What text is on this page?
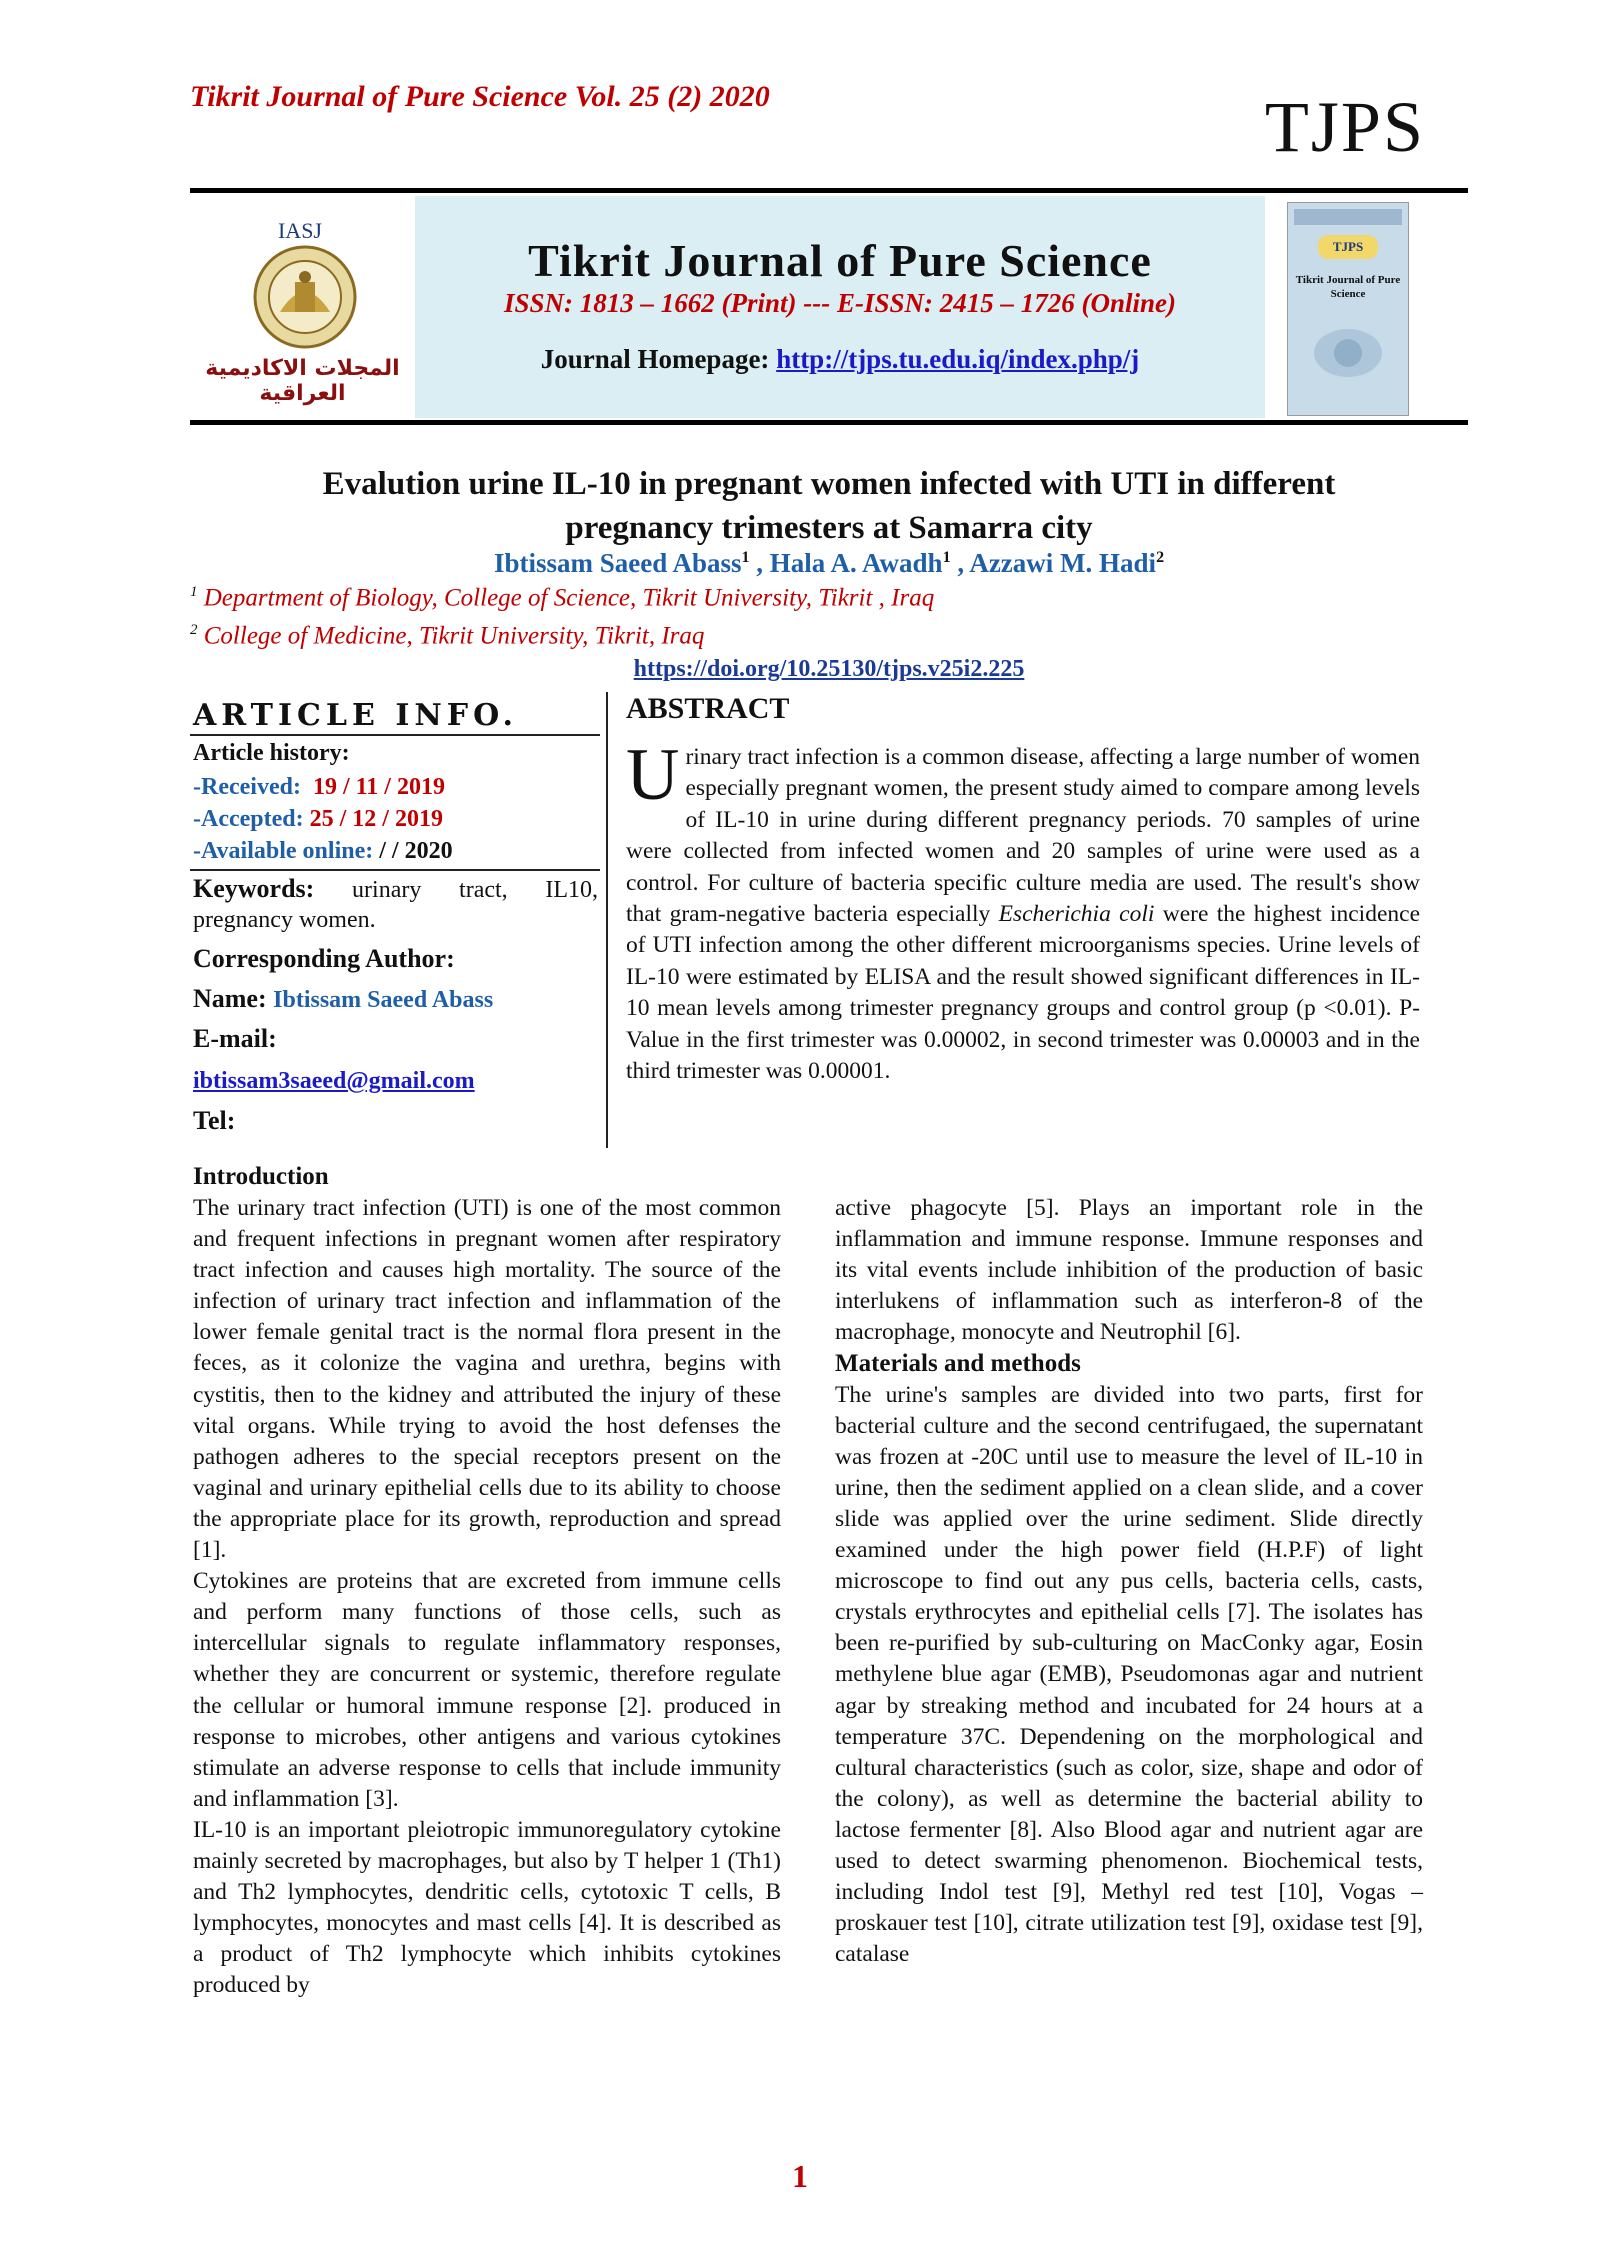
Tikrit Journal of Pure Science Vol. 25 (2) 2020	TJPS
IASJ
المجلات الاكاديمية العراقية
Tikrit Journal of Pure Science
ISSN: 1813 – 1662 (Print) --- E-ISSN: 2415 – 1726 (Online)
Journal Homepage: http://tjps.tu.edu.iq/index.php/j
TJPS
Tikrit Journal of Pure Science
Evalution urine IL-10 in pregnant women infected with UTI in different
pregnancy trimesters at Samarra city
Ibtissam Saeed Abass$^1$ , Hala A. Awadh$^1$ , Azzawi M. Hadi$^2$
$^1$ Department of Biology, College of Science, Tikrit University, Tikrit , Iraq
$^2$ College of Medicine, Tikrit University, Tikrit, Iraq
https://doi.org/10.25130/tjps.v25i2.225
ARTICLE INFO.
Article history:
-Received: 19 / 11 / 2019
-Accepted: 25 / 12 / 2019
-Available online: / / 2020
Keywords: urinary tract, IL10, pregnancy women.
Corresponding Author:
Name: Ibtissam Saeed Abass
E-mail:
ibtissam3saeed@gmail.com
Tel:
ABSTRACT
Urinary tract infection is a common disease, affecting a large number of women especially pregnant women, the present study aimed to compare among levels of IL-10 in urine during different pregnancy periods. 70 samples of urine were collected from infected women and 20 samples of urine were used as a control. For culture of bacteria specific culture media are used. The result's show that gram-negative bacteria especially Escherichia coli were the highest incidence of UTI infection among the other different microorganisms species. Urine levels of IL-10 were estimated by ELISA and the result showed significant differences in IL-10 mean levels among trimester pregnancy groups and control group (p <0.01). P-Value in the first trimester was 0.00002, in second trimester was 0.00003 and in the third trimester was 0.00001.
Introduction

The urinary tract infection (UTI) is one of the most common and frequent infections in pregnant women after respiratory tract infection and causes high mortality. The source of the infection of urinary tract infection and inflammation of the lower female genital tract is the normal flora present in the feces, as it colonize the vagina and urethra, begins with cystitis, then to the kidney and attributed the injury of these vital organs. While trying to avoid the host defenses the pathogen adheres to the special receptors present on the vaginal and urinary epithelial cells due to its ability to choose the appropriate place for its growth, reproduction and spread [1].

Cytokines are proteins that are excreted from immune cells and perform many functions of those cells, such as intercellular signals to regulate inflammatory responses, whether they are concurrent or systemic, therefore regulate the cellular or humoral immune response [2]. produced in response to microbes, other antigens and various cytokines stimulate an adverse response to cells that include immunity and inflammation [3].

IL-10 is an important pleiotropic immunoregulatory cytokine mainly secreted by macrophages, but also by T helper 1 (Th1) and Th2 lymphocytes, dendritic cells, cytotoxic T cells, B lymphocytes, monocytes and mast cells [4]. It is described as a product of Th2 lymphocyte which inhibits cytokines produced by

active phagocyte [5]. Plays an important role in the inflammation and immune response. Immune responses and its vital events include inhibition of the production of basic interlukens of inflammation such as interferon-8 of the macrophage, monocyte and Neutrophil [6].

Materials and methods

The urine's samples are divided into two parts, first for bacterial culture and the second centrifugaed, the supernatant was frozen at -20C until use to measure the level of IL-10 in urine, then the sediment applied on a clean slide, and a cover slide was applied over the urine sediment. Slide directly examined under the high power field (H.P.F) of light microscope to find out any pus cells, bacteria cells, casts, crystals erythrocytes and epithelial cells [7]. The isolates has been re-purified by sub-culturing on MacConky agar, Eosin methylene blue agar (EMB), Pseudomonas agar and nutrient agar by streaking method and incubated for 24 hours at a temperature 37C. Dependening on the morphological and cultural characteristics (such as color, size, shape and odor of the colony), as well as determine the bacterial ability to lactose fermenter [8]. Also Blood agar and nutrient agar are used to detect swarming phenomenon. Biochemical tests, including Indol test [9], Methyl red test [10], Vogas –proskauer test [10], citrate utilization test [9], oxidase test [9], catalase

1
